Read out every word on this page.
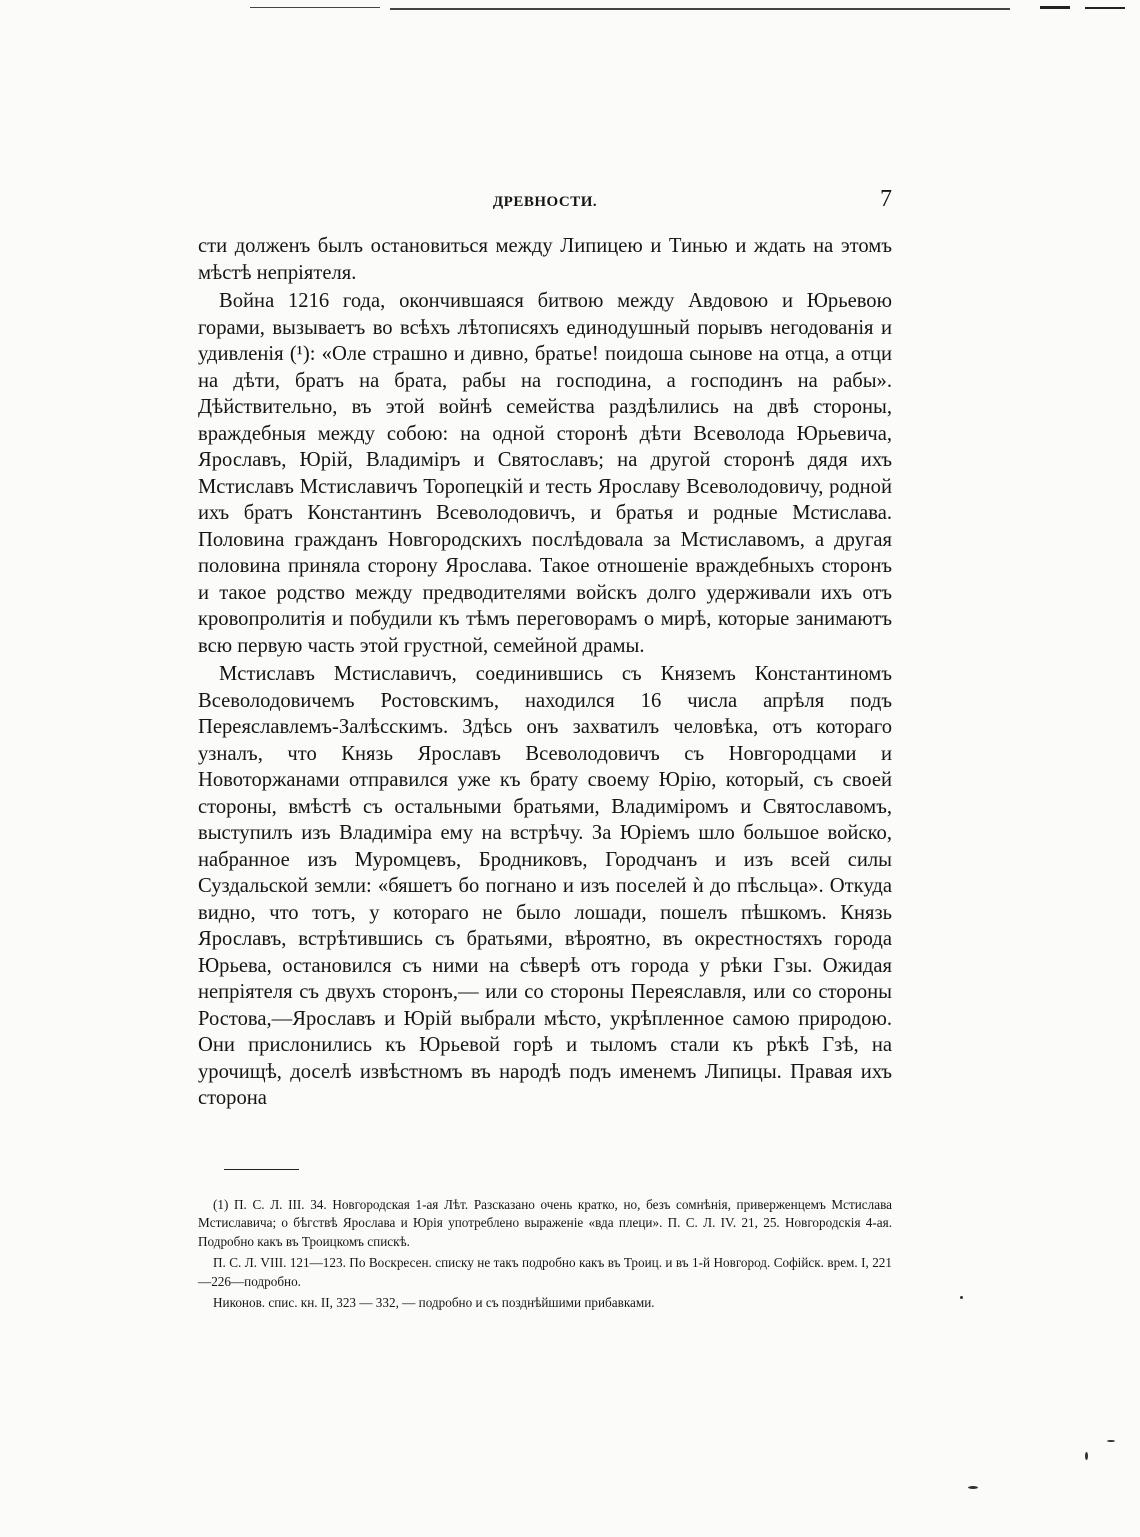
ДРЕВНОСТИ.	7

сти долженъ былъ остановиться между Липицею и Тинью и ждать на этомъ мѣстѣ непріятеля.

Война 1216 года, окончившаяся битвою между Авдовою и Юрьевою горами, вызываетъ во всѣхъ лѣтописяхъ единодушный порывъ негодованія и удивленія (¹): «Оле страшно и дивно, братье! поидоша сынове на отца, а отци на дѣти, братъ на брата, рабы на господина, а господинъ на рабы». Дѣйствительно, въ этой войнѣ семейства раздѣлились на двѣ стороны, враждебныя между собою: на одной сторонѣ дѣти Всеволода Юрьевича, Ярославъ, Юрій, Владиміръ и Святославъ; на другой сторонѣ дядя ихъ Мстиславъ Мстиславичъ Торопецкій и тесть Ярославу Всеволодовичу, родной ихъ братъ Константинъ Всеволодовичъ, и братья и родные Мстислава. Половина гражданъ Новгородскихъ послѣдовала за Мстиславомъ, а другая половина приняла сторону Ярослава. Такое отношеніе враждебныхъ сторонъ и такое родство между предводителями войскъ долго удерживали ихъ отъ кровопролитія и побудили къ тѣмъ переговорамъ о мирѣ, которые занимаютъ всю первую часть этой грустной, семейной драмы.

Мстиславъ Мстиславичъ, соединившись съ Княземъ Константиномъ Всеволодовичемъ Ростовскимъ, находился 16 числа апрѣля подъ Переяславлемъ-Залѣсскимъ. Здѣсь онъ захватилъ человѣка, отъ котораго узналъ, что Князь Ярославъ Всеволодовичъ съ Новгородцами и Новоторжанами отправился уже къ брату своему Юрію, который, съ своей стороны, вмѣстѣ съ остальными братьями, Владиміромъ и Святославомъ, выступилъ изъ Владиміра ему на встрѣчу. За Юріемъ шло большое войско, набранное изъ Муромцевъ, Бродниковъ, Городчанъ и изъ всей силы Суздальской земли: «бяшетъ бо погнано и изъ поселей ѝ до пѣсльца». Откуда видно, что тотъ, у котораго не было лошади, пошелъ пѣшкомъ. Князь Ярославъ, встрѣтившись съ братьями, вѣроятно, въ окрестностяхъ города Юрьева, остановился съ ними на сѣверѣ отъ города у рѣки Гзы. Ожидая непріятеля съ двухъ сторонъ,— или со стороны Переяславля, или со стороны Ростова,—Ярославъ и Юрій выбрали мѣсто, укрѣпленное самою природою. Они прислонились къ Юрьевой горѣ и тыломъ стали къ рѣкѣ Гзѣ, на урочищѣ, доселѣ извѣстномъ въ народѣ подъ именемъ Липицы. Правая ихъ сторона

(1) П. С. Л. III. 34. Новгородская 1-ая Лѣт. Разсказано очень кратко, но, безъ сомнѣнія, приверженцемъ Мстислава Мстиславича; о бѣгствѣ Ярослава и Юрія употреблено выраженіе «вда плеци». П. С. Л. IV. 21, 25. Новгородскія 4-ая. Подробно какъ въ Троицкомъ спискѣ.

П. С. Л. VIII. 121—123. По Воскресен. списку не такъ подробно какъ въ Троиц. и въ 1-й Новгород. Софійск. врем. I, 221—226—подробно.

Никонов. спис. кн. II, 323 — 332, — подробно и съ позднѣйшими прибавками.
